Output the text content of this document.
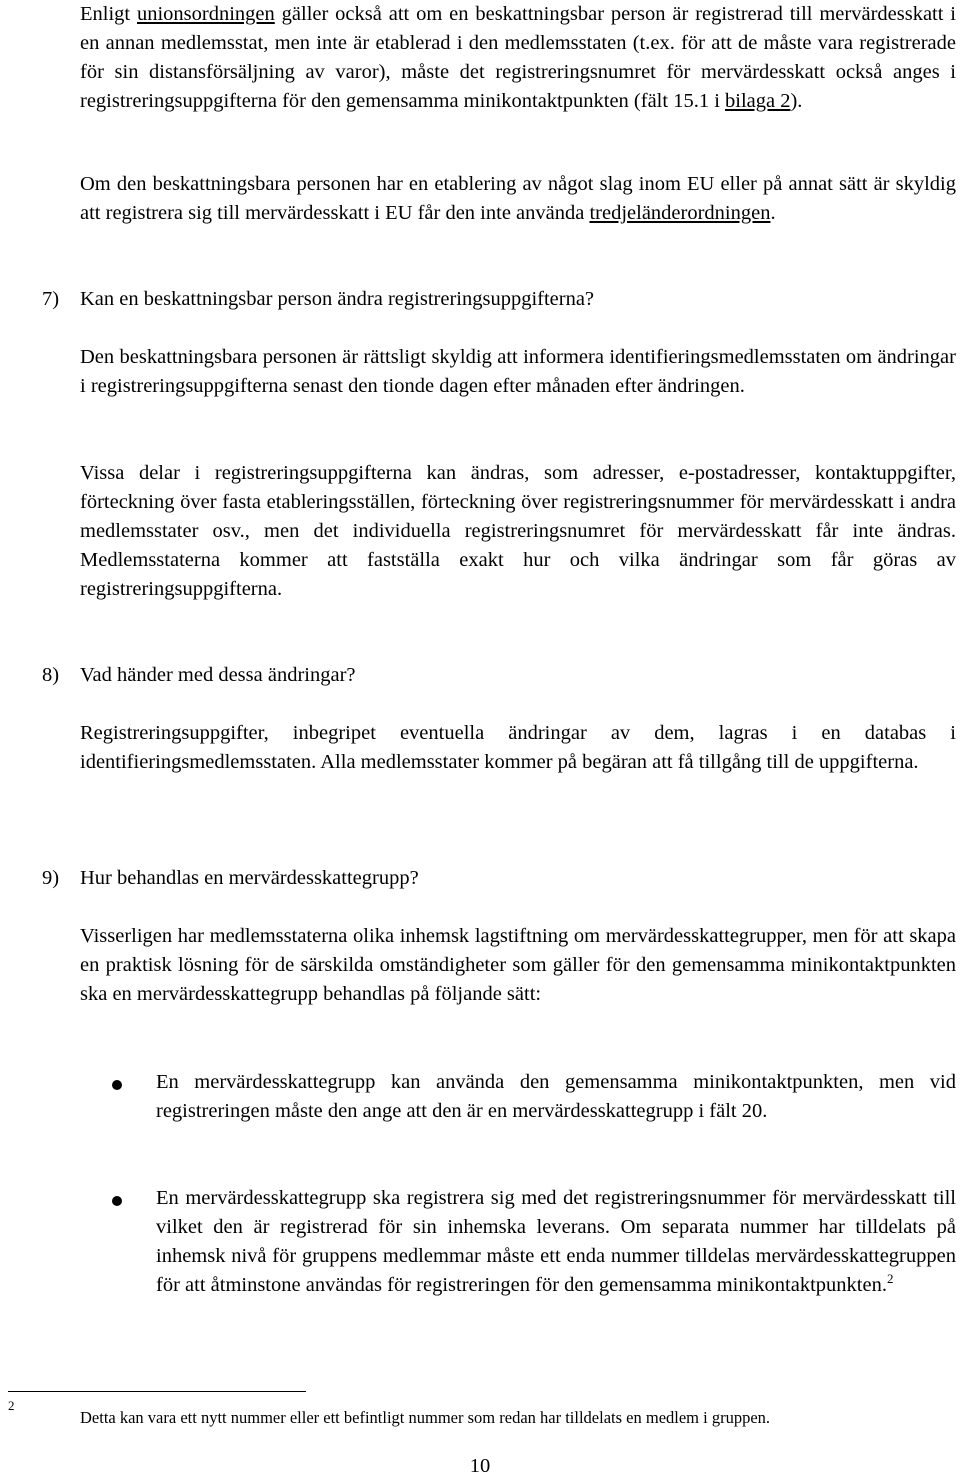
Enligt unionsordningen gäller också att om en beskattningsbar person är registrerad till mervärdesskatt i en annan medlemsstat, men inte är etablerad i den medlemsstaten (t.ex. för att de måste vara registrerade för sin distansförsäljning av varor), måste det registreringsnumret för mervärdesskatt också anges i registreringsuppgifterna för den gemensamma minikontaktpunkten (fält 15.1 i bilaga 2).

Om den beskattningsbara personen har en etablering av något slag inom EU eller på annat sätt är skyldig att registrera sig till mervärdesskatt i EU får den inte använda tredjeländerordningen.

7) Kan en beskattningsbar person ändra registreringsuppgifterna?

Den beskattningsbara personen är rättsligt skyldig att informera identifieringsmedlemsstaten om ändringar i registreringsuppgifterna senast den tionde dagen efter månaden efter ändringen.

Vissa delar i registreringsuppgifterna kan ändras, som adresser, e-postadresser, kontaktuppgifter, förteckning över fasta etableringsställen, förteckning över registreringsnummer för mervärdesskatt i andra medlemsstater osv., men det individuella registreringsnumret för mervärdesskatt får inte ändras. Medlemsstaterna kommer att fastställa exakt hur och vilka ändringar som får göras av registreringsuppgifterna.

8) Vad händer med dessa ändringar?

Registreringsuppgifter, inbegripet eventuella ändringar av dem, lagras i en databas i identifieringsmedlemsstaten. Alla medlemsstater kommer på begäran att få tillgång till de uppgifterna.

9) Hur behandlas en mervärdesskattegrupp?

Visserligen har medlemsstaterna olika inhemsk lagstiftning om mervärdesskattegrupper, men för att skapa en praktisk lösning för de särskilda omständigheter som gäller för den gemensamma minikontaktpunkten ska en mervärdesskattegrupp behandlas på följande sätt:

En mervärdesskattegrupp kan använda den gemensamma minikontaktpunkten, men vid registreringen måste den ange att den är en mervärdesskattegrupp i fält 20.

En mervärdesskattegrupp ska registrera sig med det registreringsnummer för mervärdesskatt till vilket den är registrerad för sin inhemska leverans. Om separata nummer har tilldelats på inhemsk nivå för gruppens medlemmar måste ett enda nummer tilldelas mervärdesskattegruppen för att åtminstone användas för registreringen för den gemensamma minikontaktpunkten.$^2$

2

Detta kan vara ett nytt nummer eller ett befintligt nummer som redan har tilldelats en medlem i gruppen.

10
